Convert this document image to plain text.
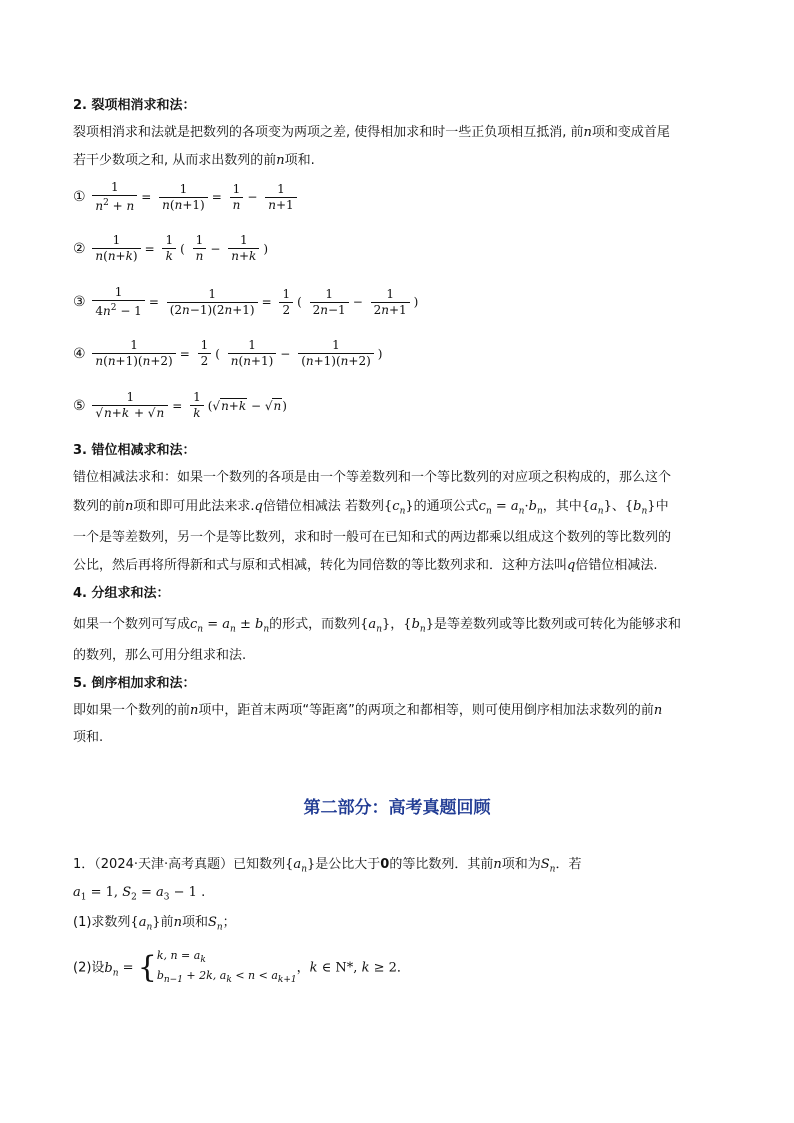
2. 裂项相消求和法：
裂项相消求和法就是把数列的各项变为两项之差, 使得相加求和时一些正负项相互抵消, 前n项和变成首尾
若干少数项之和, 从而求出数列的前n项和.
① $\frac{1}{n^2 + n} = \frac{1}{n(n+1)} = \frac{1}{n} - \frac{1}{n+1}$
② $\frac{1}{n(n+k)} = \frac{1}{k}$ ( $\frac{1}{n} - \frac{1}{n+k}$ )
③ $\frac{1}{4n^2 - 1} = \frac{1}{(2n-1)(2n+1)} = \frac{1}{2}$ ( $\frac{1}{2n-1} - \frac{1}{2n+1}$ )
④ $\frac{1}{n(n+1)(n+2)} = \frac{1}{2}$ ( $\frac{1}{n(n+1)} - \frac{1}{(n+1)(n+2)}$ )
⑤ $\frac{1}{√n+k + √n} = \frac{1}{k} (√n+k - √n)$
3. 错位相减求和法：
错位相减法求和：如果一个数列的各项是由一个等差数列和一个等比数列的对应项之积构成的，那么这个
数列的前n项和即可用此法来求.q倍错位相减法 若数列$\{c_n\}$的通项公式$c_n = a_n\cdot b_n$，其中$\{a_n\}$、$\{b_n\}$中
一个是等差数列，另一个是等比数列，求和时一般可在已知和式的两边都乘以组成这个数列的等比数列的
公比，然后再将所得新和式与原和式相减，转化为同倍数的等比数列求和．这种方法叫q倍错位相减法.
4. 分组求和法：
如果一个数列可写成$c_n = a_n \pm b_n$的形式，而数列$\{a_n\}$，$\{b_n\}$是等差数列或等比数列或可转化为能够求和
的数列，那么可用分组求和法.
5. 倒序相加求和法：
即如果一个数列的前n项中，距首末两项“等距离”的两项之和都相等，则可使用倒序相加法求数列的前n
项和.
第二部分：高考真题回顾
1．（2024·天津·高考真题）已知数列$\{a_n\}$是公比大于0的等比数列．其前n项和为$S_n$．若
$a_1 = 1$, $S_2 = a_3 - 1$ .
(1)求数列$\{a_n\}$前n项和$S_n$；
(2)设$b_n$ = { k, $n = a_k$
$b_{n-1} + 2k$, $a_k < n < a_{k+1}$
，k ∈ N*, k ≥ 2．
